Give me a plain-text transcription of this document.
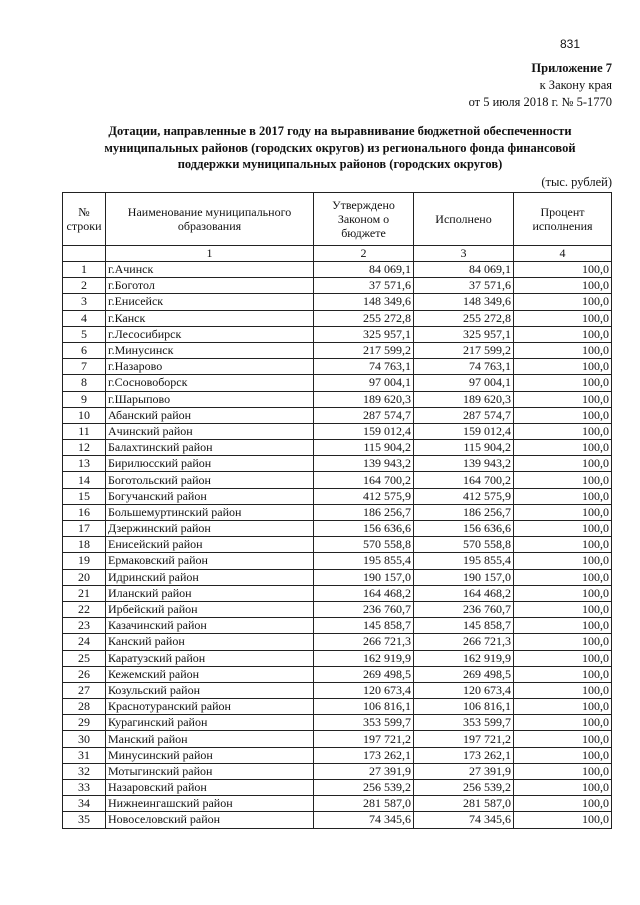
831
Приложение 7
к Закону края
от 5 июля 2018 г. № 5-1770
Дотации, направленные в 2017 году на выравнивание бюджетной обеспеченности
муниципальных районов (городских округов) из регионального фонда финансовой
поддержки муниципальных районов (городских округов)
(тыс. рублей)
№ строки	Наименование муниципального образования	Утверждено Законом о бюджете	Исполнено	Процент исполнения
	1	2	3	4
1	г.Ачинск	84 069,1	84 069,1	100,0
2	г.Боготол	37 571,6	37 571,6	100,0
3	г.Енисейск	148 349,6	148 349,6	100,0
4	г.Канск	255 272,8	255 272,8	100,0
5	г.Лесосибирск	325 957,1	325 957,1	100,0
6	г.Минусинск	217 599,2	217 599,2	100,0
7	г.Назарово	74 763,1	74 763,1	100,0
8	г.Сосновоборск	97 004,1	97 004,1	100,0
9	г.Шарыпово	189 620,3	189 620,3	100,0
10	Абанский район	287 574,7	287 574,7	100,0
11	Ачинский район	159 012,4	159 012,4	100,0
12	Балахтинский район	115 904,2	115 904,2	100,0
13	Бирилюсский район	139 943,2	139 943,2	100,0
14	Боготольский район	164 700,2	164 700,2	100,0
15	Богучанский район	412 575,9	412 575,9	100,0
16	Большемуртинский район	186 256,7	186 256,7	100,0
17	Дзержинский район	156 636,6	156 636,6	100,0
18	Енисейский район	570 558,8	570 558,8	100,0
19	Ермаковский район	195 855,4	195 855,4	100,0
20	Идринский район	190 157,0	190 157,0	100,0
21	Иланский район	164 468,2	164 468,2	100,0
22	Ирбейский район	236 760,7	236 760,7	100,0
23	Казачинский район	145 858,7	145 858,7	100,0
24	Канский район	266 721,3	266 721,3	100,0
25	Каратузский район	162 919,9	162 919,9	100,0
26	Кежемский район	269 498,5	269 498,5	100,0
27	Козульский район	120 673,4	120 673,4	100,0
28	Краснотуранский район	106 816,1	106 816,1	100,0
29	Курагинский район	353 599,7	353 599,7	100,0
30	Манский район	197 721,2	197 721,2	100,0
31	Минусинский район	173 262,1	173 262,1	100,0
32	Мотыгинский район	27 391,9	27 391,9	100,0
33	Назаровский район	256 539,2	256 539,2	100,0
34	Нижнеингашский район	281 587,0	281 587,0	100,0
35	Новоселовский район	74 345,6	74 345,6	100,0
